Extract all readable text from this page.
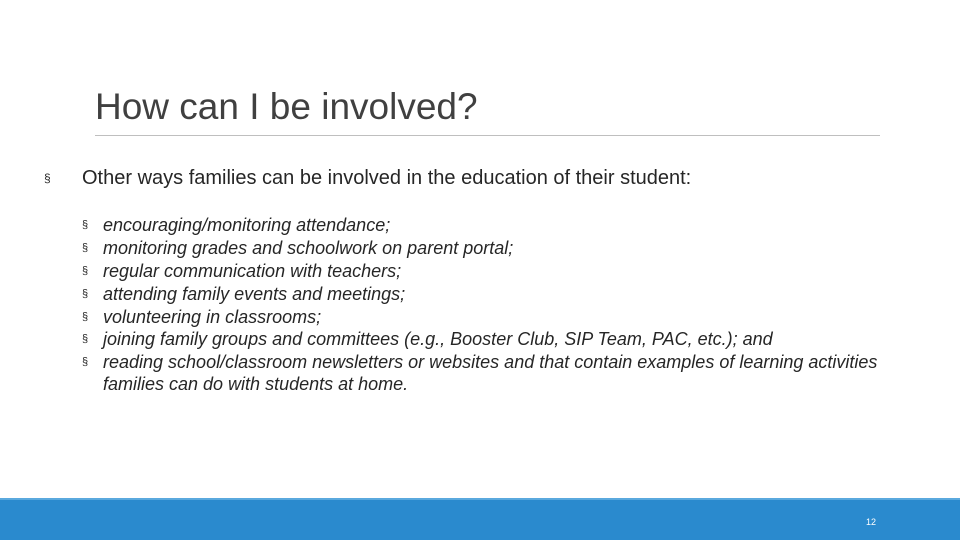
How can I be involved?
§ Other ways families can be involved in the education of their student:
§ encouraging/monitoring attendance;
§ monitoring grades and schoolwork on parent portal;
§ regular communication with teachers;
§ attending family events and meetings;
§ volunteering in classrooms;
§ joining family groups and committees (e.g., Booster Club, SIP Team, PAC, etc.); and
§ reading school/classroom newsletters or websites and that contain examples of learning activities families can do with students at home.
12
